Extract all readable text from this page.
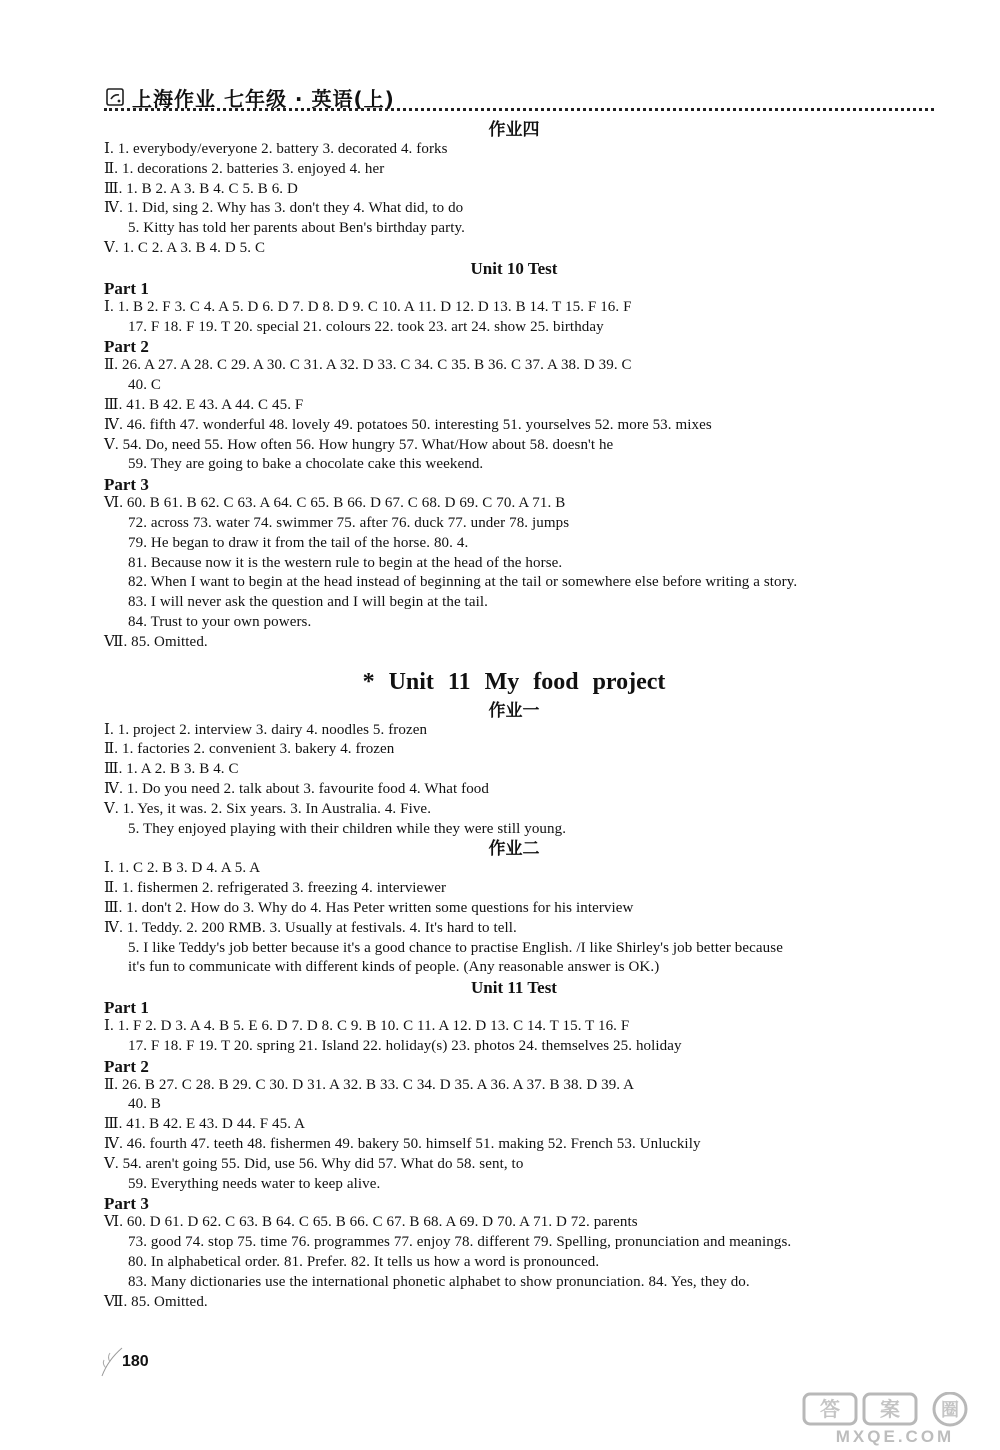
上海作业 七年级 · 英语(上)
作业四
Ⅰ. 1. everybody/everyone 2. battery 3. decorated 4. forks
Ⅱ. 1. decorations 2. batteries 3. enjoyed 4. her
Ⅲ. 1. B 2. A 3. B 4. C 5. B 6. D
Ⅳ. 1. Did, sing 2. Why has 3. don't they 4. What did, to do
5. Kitty has told her parents about Ben's birthday party.
Ⅴ. 1. C 2. A 3. B 4. D 5. C
Unit 10 Test
Part 1
Ⅰ. 1. B 2. F 3. C 4. A 5. D 6. D 7. D 8. D 9. C 10. A 11. D 12. D 13. B 14. T 15. F 16. F
17. F 18. F 19. T 20. special 21. colours 22. took 23. art 24. show 25. birthday
Part 2
Ⅱ. 26. A 27. A 28. C 29. A 30. C 31. A 32. D 33. C 34. C 35. B 36. C 37. A 38. D 39. C
40. C
Ⅲ. 41. B 42. E 43. A 44. C 45. F
Ⅳ. 46. fifth 47. wonderful 48. lovely 49. potatoes 50. interesting 51. yourselves 52. more 53. mixes
Ⅴ. 54. Do, need 55. How often 56. How hungry 57. What/How about 58. doesn't he
59. They are going to bake a chocolate cake this weekend.
Part 3
Ⅵ. 60. B 61. B 62. C 63. A 64. C 65. B 66. D 67. C 68. D 69. C 70. A 71. B
72. across 73. water 74. swimmer 75. after 76. duck 77. under 78. jumps
79. He began to draw it from the tail of the horse. 80. 4.
81. Because now it is the western rule to begin at the head of the horse.
82. When I want to begin at the head instead of beginning at the tail or somewhere else before writing a story.
83. I will never ask the question and I will begin at the tail.
84. Trust to your own powers.
Ⅶ. 85. Omitted.
* Unit 11 My food project
作业一
Ⅰ. 1. project 2. interview 3. dairy 4. noodles 5. frozen
Ⅱ. 1. factories 2. convenient 3. bakery 4. frozen
Ⅲ. 1. A 2. B 3. B 4. C
Ⅳ. 1. Do you need 2. talk about 3. favourite food 4. What food
Ⅴ. 1. Yes, it was. 2. Six years. 3. In Australia. 4. Five.
5. They enjoyed playing with their children while they were still young.
作业二
Ⅰ. 1. C 2. B 3. D 4. A 5. A
Ⅱ. 1. fishermen 2. refrigerated 3. freezing 4. interviewer
Ⅲ. 1. don't 2. How do 3. Why do 4. Has Peter written some questions for his interview
Ⅳ. 1. Teddy. 2. 200 RMB. 3. Usually at festivals. 4. It's hard to tell.
5. I like Teddy's job better because it's a good chance to practise English. /I like Shirley's job better because
it's fun to communicate with different kinds of people. (Any reasonable answer is OK.)
Unit 11 Test
Part 1
Ⅰ. 1. F 2. D 3. A 4. B 5. E 6. D 7. D 8. C 9. B 10. C 11. A 12. D 13. C 14. T 15. T 16. F
17. F 18. F 19. T 20. spring 21. Island 22. holiday(s) 23. photos 24. themselves 25. holiday
Part 2
Ⅱ. 26. B 27. C 28. B 29. C 30. D 31. A 32. B 33. C 34. D 35. A 36. A 37. B 38. D 39. A
40. B
Ⅲ. 41. B 42. E 43. D 44. F 45. A
Ⅳ. 46. fourth 47. teeth 48. fishermen 49. bakery 50. himself 51. making 52. French 53. Unluckily
Ⅴ. 54. aren't going 55. Did, use 56. Why did 57. What do 58. sent, to
59. Everything needs water to keep alive.
Part 3
Ⅵ. 60. D 61. D 62. C 63. B 64. C 65. B 66. C 67. B 68. A 69. D 70. A 71. D 72. parents
73. good 74. stop 75. time 76. programmes 77. enjoy 78. different 79. Spelling, pronunciation and meanings.
80. In alphabetical order. 81. Prefer. 82. It tells us how a word is pronounced.
83. Many dictionaries use the international phonetic alphabet to show pronunciation. 84. Yes, they do.
Ⅶ. 85. Omitted.
180
答 案 圈
MXQE.COM
